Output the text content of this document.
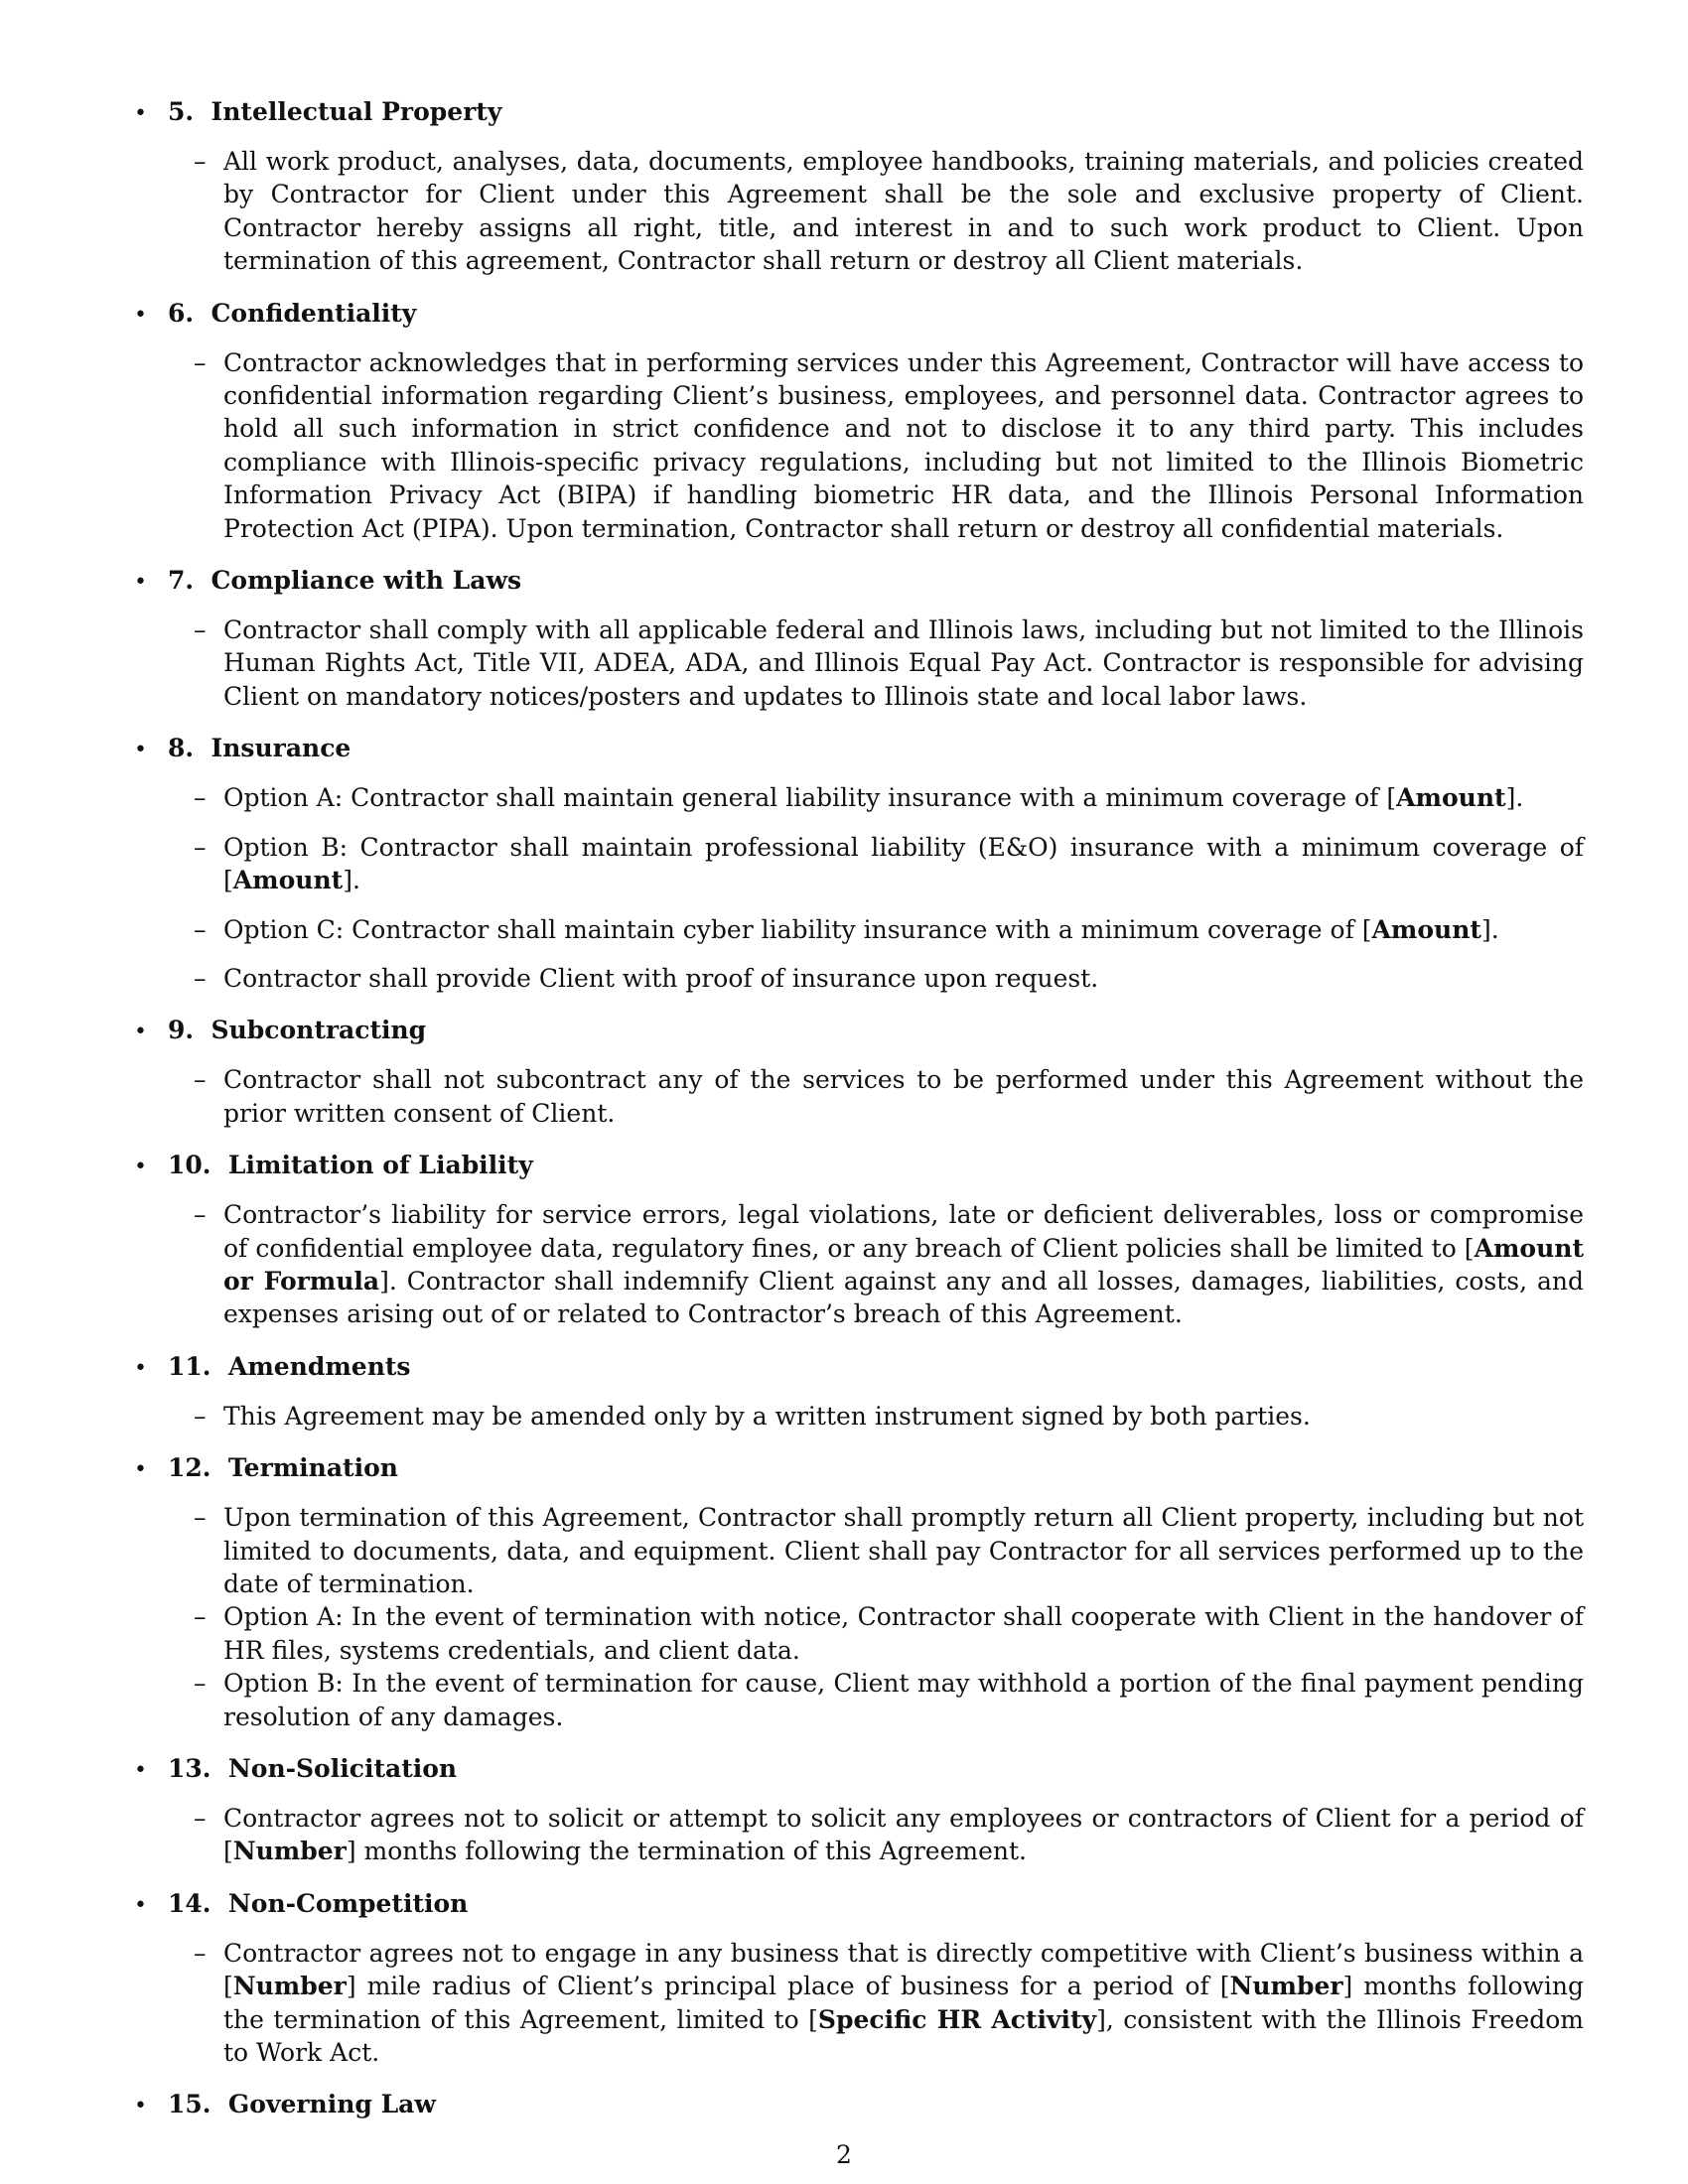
• 5. Intellectual Property
– All work product, analyses, data, documents, employee handbooks, training materials, and policies created by Contractor for Client under this Agreement shall be the sole and exclusive property of Client. Contractor hereby assigns all right, title, and interest in and to such work product to Client. Upon termination of this agreement, Contractor shall return or destroy all Client materials.
• 6. Confidentiality
– Contractor acknowledges that in performing services under this Agreement, Contractor will have access to confidential information regarding Client’s business, employees, and personnel data. Contractor agrees to hold all such information in strict confidence and not to disclose it to any third party. This includes compliance with Illinois-specific privacy regulations, including but not limited to the Illinois Biometric Information Privacy Act (BIPA) if handling biometric HR data, and the Illinois Personal Information Protection Act (PIPA). Upon termination, Contractor shall return or destroy all confidential materials.
• 7. Compliance with Laws
– Contractor shall comply with all applicable federal and Illinois laws, including but not limited to the Illinois Human Rights Act, Title VII, ADEA, ADA, and Illinois Equal Pay Act. Contractor is responsible for advising Client on mandatory notices/posters and updates to Illinois state and local labor laws.
• 8. Insurance
– Option A: Contractor shall maintain general liability insurance with a minimum coverage of [Amount].
– Option B: Contractor shall maintain professional liability (E&O) insurance with a minimum coverage of [Amount].
– Option C: Contractor shall maintain cyber liability insurance with a minimum coverage of [Amount].
– Contractor shall provide Client with proof of insurance upon request.
• 9. Subcontracting
– Contractor shall not subcontract any of the services to be performed under this Agreement without the prior written consent of Client.
• 10. Limitation of Liability
– Contractor’s liability for service errors, legal violations, late or deficient deliverables, loss or compromise of confidential employee data, regulatory fines, or any breach of Client policies shall be limited to [Amount or Formula]. Contractor shall indemnify Client against any and all losses, damages, liabilities, costs, and expenses arising out of or related to Contractor’s breach of this Agreement.
• 11. Amendments
– This Agreement may be amended only by a written instrument signed by both parties.
• 12. Termination
– Upon termination of this Agreement, Contractor shall promptly return all Client property, including but not limited to documents, data, and equipment. Client shall pay Contractor for all services performed up to the date of termination.
– Option A: In the event of termination with notice, Contractor shall cooperate with Client in the handover of HR files, systems credentials, and client data.
– Option B: In the event of termination for cause, Client may withhold a portion of the final payment pending resolution of any damages.
• 13. Non-Solicitation
– Contractor agrees not to solicit or attempt to solicit any employees or contractors of Client for a period of [Number] months following the termination of this Agreement.
• 14. Non-Competition
– Contractor agrees not to engage in any business that is directly competitive with Client’s business within a [Number] mile radius of Client’s principal place of business for a period of [Number] months following the termination of this Agreement, limited to [Specific HR Activity], consistent with the Illinois Freedom to Work Act.
• 15. Governing Law
2
